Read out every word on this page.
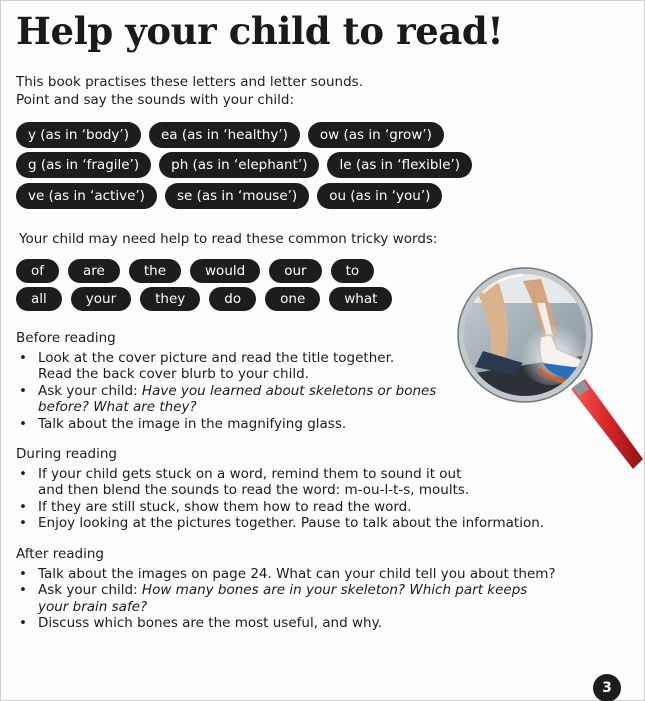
Help your child to read!
This book practises these letters and letter sounds.
Point and say the sounds with your child:
y (as in ‘body’)	ea (as in ‘healthy’)	ow (as in ‘grow’)
g (as in ‘fragile’)	ph (as in ‘elephant’)	le (as in ‘flexible’)
ve (as in ‘active’)	se (as in ‘mouse’)	ou (as in ‘you’)
Your child may need help to read these common tricky words:
of	are	the	would	our	to
all	your	they	do	one	what
Before reading
• Look at the cover picture and read the title together.
Read the back cover blurb to your child.
• Ask your child: Have you learned about skeletons or bones
before? What are they?
• Talk about the image in the magnifying glass.
During reading
• If your child gets stuck on a word, remind them to sound it out
and then blend the sounds to read the word: m-ou-l-t-s, moults.
• If they are still stuck, show them how to read the word.
• Enjoy looking at the pictures together. Pause to talk about the information.
After reading
• Talk about the images on page 24. What can your child tell you about them?
• Ask your child: How many bones are in your skeleton? Which part keeps
your brain safe?
• Discuss which bones are the most useful, and why.
3
